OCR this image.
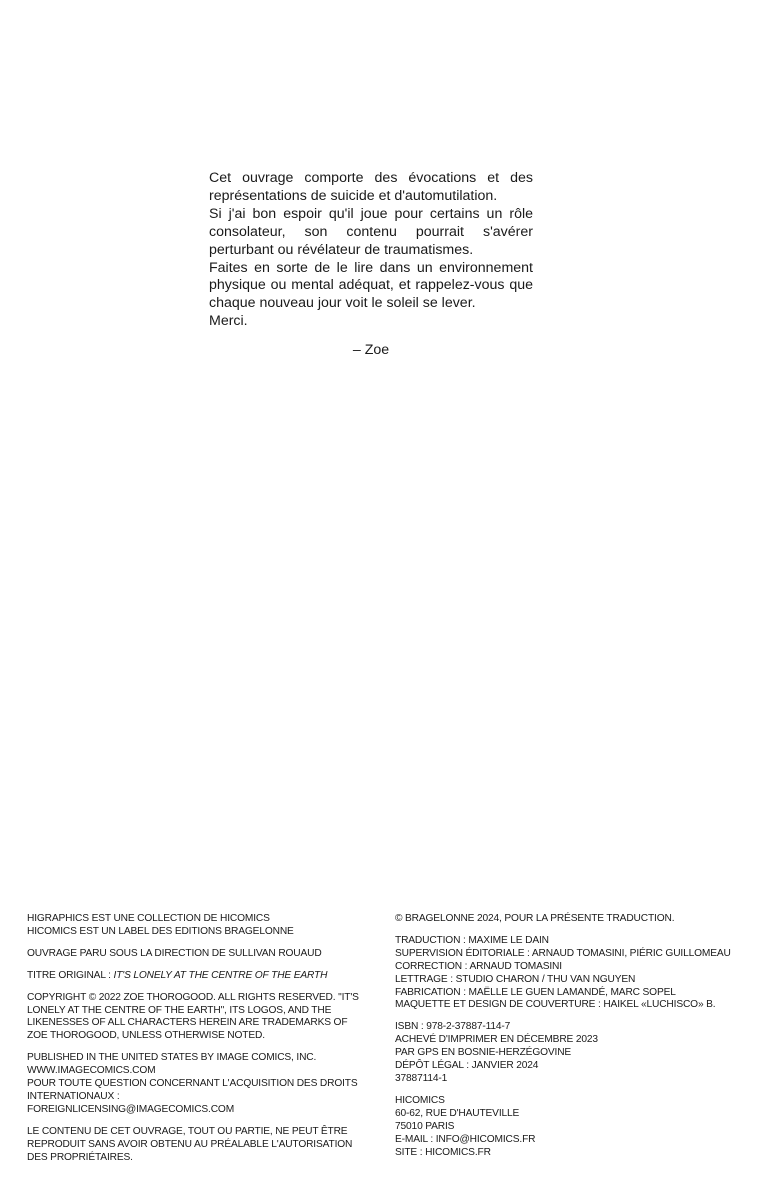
Cet ouvrage comporte des évocations et des représentations de suicide et d'automutilation.

Si j'ai bon espoir qu'il joue pour certains un rôle consolateur, son contenu pourrait s'avérer perturbant ou révélateur de traumatismes.

Faites en sorte de le lire dans un environnement physique ou mental adéquat, et rappelez-vous que chaque nouveau jour voit le soleil se lever.

Merci.

– Zoe

HIGRAPHICS EST UNE COLLECTION DE HICOMICS
HICOMICS EST UN LABEL DES EDITIONS BRAGELONNE

OUVRAGE PARU SOUS LA DIRECTION DE SULLIVAN ROUAUD

TITRE ORIGINAL : IT'S LONELY AT THE CENTRE OF THE EARTH

COPYRIGHT © 2022 ZOE THOROGOOD. ALL RIGHTS RESERVED. "IT'S LONELY AT THE CENTRE OF THE EARTH", ITS LOGOS, AND THE LIKENESSES OF ALL CHARACTERS HEREIN ARE TRADEMARKS OF ZOE THOROGOOD, UNLESS OTHERWISE NOTED.

PUBLISHED IN THE UNITED STATES BY IMAGE COMICS, INC.
WWW.IMAGECOMICS.COM
POUR TOUTE QUESTION CONCERNANT L'ACQUISITION DES DROITS INTERNATIONAUX :
FOREIGNLICENSING@IMAGECOMICS.COM

LE CONTENU DE CET OUVRAGE, TOUT OU PARTIE, NE PEUT ÊTRE REPRODUIT SANS AVOIR OBTENU AU PRÉALABLE L'AUTORISATION DES PROPRIÉTAIRES.

© BRAGELONNE 2024, POUR LA PRÉSENTE TRADUCTION.

TRADUCTION : MAXIME LE DAIN
SUPERVISION ÉDITORIALE : ARNAUD TOMASINI, PIÉRIC GUILLOMEAU
CORRECTION : ARNAUD TOMASINI
LETTRAGE : STUDIO CHARON / THU VAN NGUYEN
FABRICATION : MAËLLE LE GUEN LAMANDÉ, MARC SOPEL
MAQUETTE ET DESIGN DE COUVERTURE : HAIKEL «LUCHISCO» B.

ISBN : 978-2-37887-114-7
ACHEVÉ D'IMPRIMER EN DÉCEMBRE 2023
PAR GPS EN BOSNIE-HERZÉGOVINE
DÉPÔT LÉGAL : JANVIER 2024
37887114-1

HICOMICS
60-62, RUE D'HAUTEVILLE
75010 PARIS
E-MAIL : INFO@HICOMICS.FR
SITE : HICOMICS.FR
